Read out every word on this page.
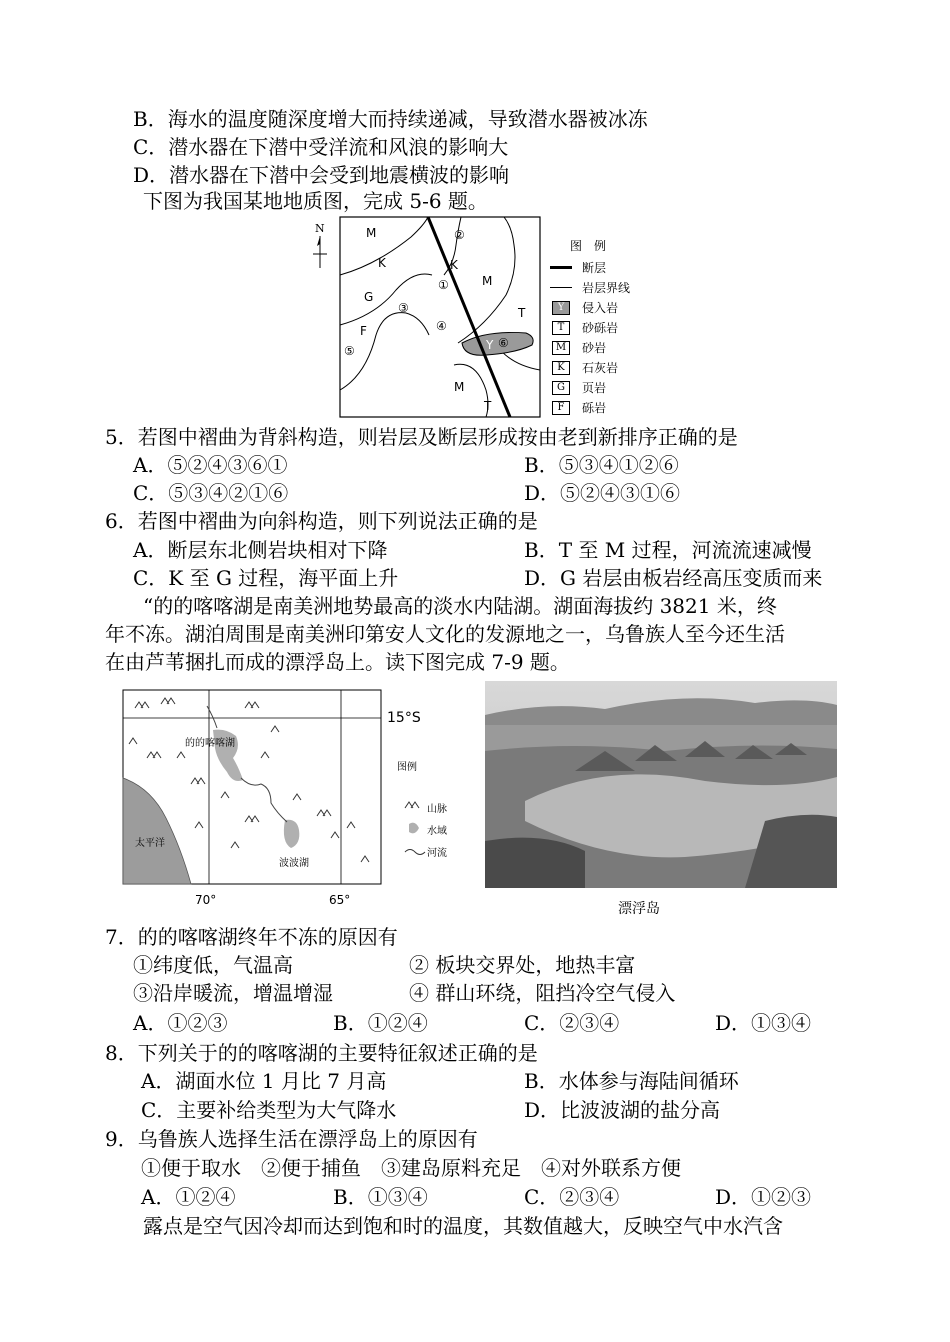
B．海水的温度随深度增大而持续递减，导致潜水器被冰冻
C．潜水器在下潜中受洋流和风浪的影响大
D．潜水器在下潜中会受到地震横波的影响
下图为我国某地地质图，完成 5-6 题。
M
K
G
F
K
M
T
M
T
Y
①
②
③
④
⑤
⑥
N
图　例
断层
岩层界线
Y	侵入岩
T	砂砾岩
M	砂岩
K	石灰岩
G	页岩
F	砾岩
5．若图中褶曲为背斜构造，则岩层及断层形成按由老到新排序正确的是
A．⑤②④③⑥①	B．⑤③④①②⑥
C．⑤③④②①⑥	D．⑤②④③①⑥
6．若图中褶曲为向斜构造，则下列说法正确的是
A．断层东北侧岩块相对下降	B．T 至 M 过程，河流流速减慢
C．K 至 G 过程，海平面上升	D．G 岩层由板岩经高压变质而来
“的的喀喀湖是南美洲地势最高的淡水内陆湖。湖面海拔约 3821 米，终
年不冻。湖泊周围是南美洲印第安人文化的发源地之一，乌鲁族人至今还生活
在由芦苇捆扎而成的漂浮岛上。读下图完成 7-9 题。
15°S
的的喀喀湖
波波湖
太平洋
图例
山脉
水域
河流
70°	65°
漂浮岛
7．的的喀喀湖终年不冻的原因有
①纬度低，气温高	② 板块交界处，地热丰富
③沿岸暖流，增温增湿	④ 群山环绕，阻挡冷空气侵入
A．①②③	B．①②④	C．②③④	D．①③④
8．下列关于的的喀喀湖的主要特征叙述正确的是
A．湖面水位 1 月比 7 月高	B．水体参与海陆间循环
C．主要补给类型为大气降水	D．比波波湖的盐分高
9．乌鲁族人选择生活在漂浮岛上的原因有
①便于取水　②便于捕鱼　③建岛原料充足　④对外联系方便
A．①②④	B．①③④	C．②③④	D．①②③
露点是空气因冷却而达到饱和时的温度，其数值越大，反映空气中水汽含
